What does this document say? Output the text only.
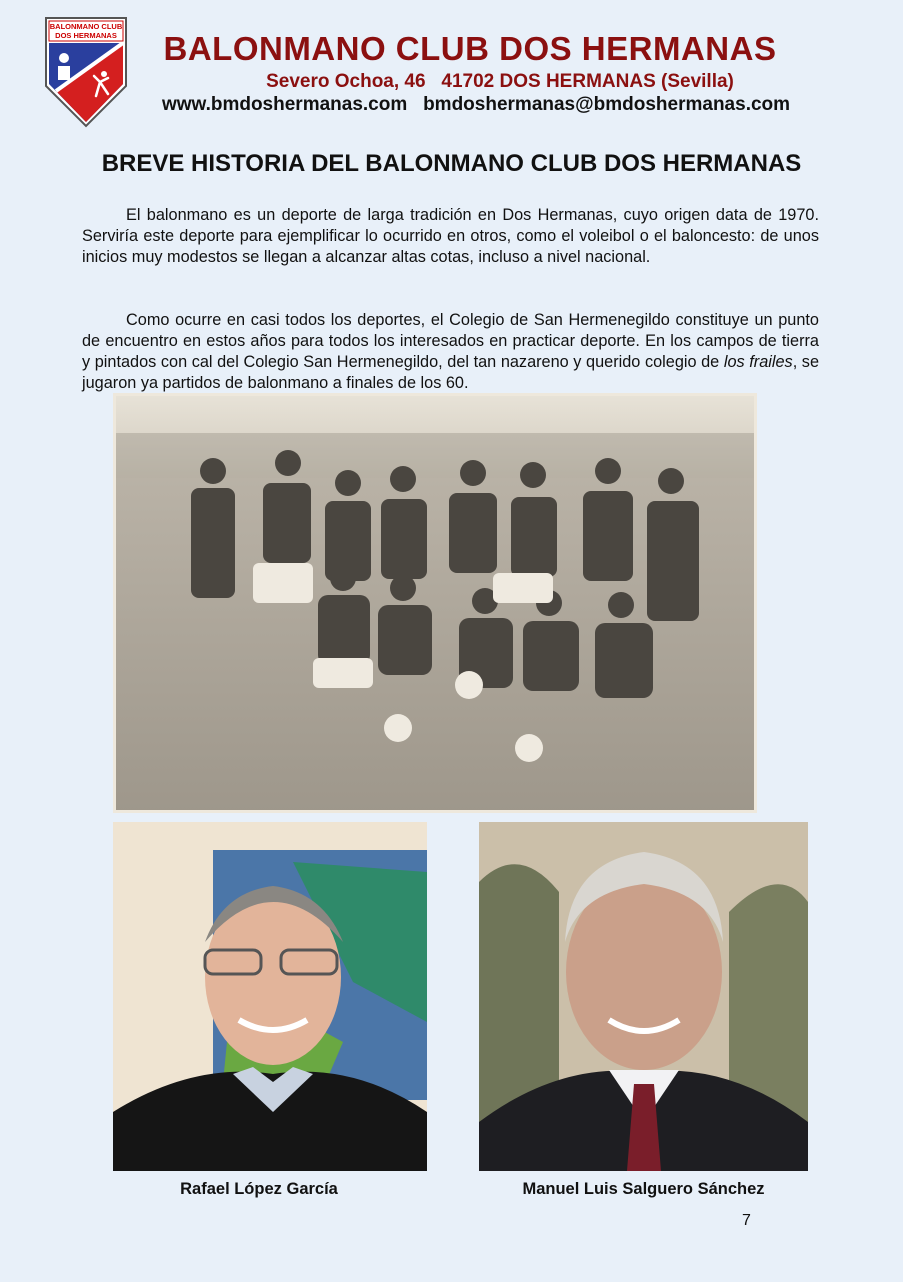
BALONMANO CLUB
DOS HERMANAS	BALONMANO CLUB DOS HERMANAS
Severo Ochoa, 46   41702 DOS HERMANAS (Sevilla)
www.bmdoshermanas.com   bmdoshermanas@bmdoshermanas.com
BREVE HISTORIA DEL BALONMANO CLUB DOS HERMANAS

El balonmano es un deporte de larga tradición en Dos Hermanas, cuyo origen data de 1970. Serviría este deporte para ejemplificar lo ocurrido en otros, como el voleibol o el baloncesto: de unos inicios muy modestos se llegan a alcanzar altas cotas, incluso a nivel nacional.

Como ocurre en casi todos los deportes, el Colegio de San Hermenegildo constituye un punto de encuentro en estos años para todos los interesados en practicar deporte. En los campos de tierra y pintados con cal del Colegio San Hermenegildo, del tan nazareno y querido colegio de los frailes, se jugaron ya partidos de balonmano a finales de los 60.

Rafael López García	Manuel Luis Salguero Sánchez
7
